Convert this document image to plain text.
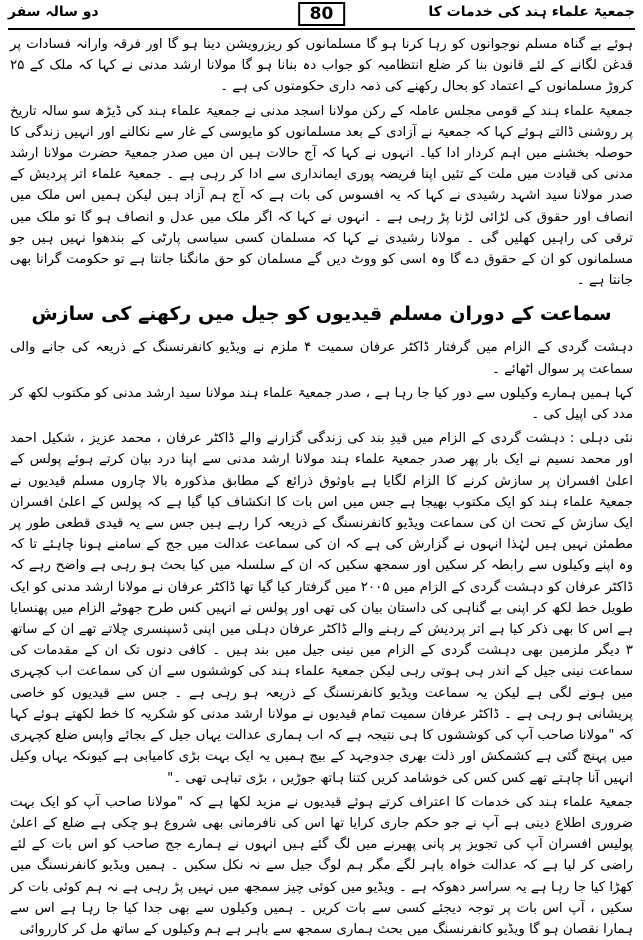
جمعیۃ علماء ہند کی خدمات کا
80
دو سالہ سفر

ہوئے بے گناہ مسلم نوجوانوں کو رہا کرنا ہو گا مسلمانوں کو ریزرویشن دینا ہو گا اور فرقہ وارانہ فسادات پر قدغن لگانے کے لئے قانون بنا کر ضلع انتظامیہ کو جواب دہ بنانا ہو گا مولانا ارشد مدنی نے کہا کہ ملک کے ۲۵ کروڑ مسلمانوں کے اعتماد کو بحال رکھنے کی ذمہ داری حکومتوں کی ہے ۔

جمعیۃ علماء ہند کے قومی مجلس عاملہ کے رکن مولانا اسجد مدنی نے جمعیۃ علماء ہند کی ڈیڑھ سو سالہ تاریخ پر روشنی ڈالتے ہوئے کہا کہ جمعیۃ نے آزادی کے بعد مسلمانوں کو مایوسی کے غار سے نکالنے اور انہیں زندگی کا حوصلہ بخشنے میں اہم کردار ادا کیا۔ انہوں نے کہا کہ آج حالات ہیں ان میں صدر جمعیۃ حضرت مولانا ارشد مدنی کی قیادت میں ملت کے تئیں اپنا فریضہ پوری ایمانداری سے ادا کر رہی ہے ۔ جمعیۃ علماء اتر پردیش کے صدر مولانا سید اشہد رشیدی نے کہا کہ یہ افسوس کی بات ہے کہ آج ہم آزاد ہیں لیکن ہمیں اس ملک میں انصاف اور حقوق کی لڑائی لڑنا پڑ رہی ہے ۔ انہوں نے کہا کہ اگر ملک میں عدل و انصاف ہو گا تو ملک میں ترقی کی راہیں کھلیں گی ۔ مولانا رشیدی نے کہا کہ مسلمان کسی سیاسی پارٹی کے بندھوا نہیں ہیں جو مسلمانوں کو ان کے حقوق دے گا وہ اسی کو ووٹ دیں گے مسلمان کو حق مانگنا جانتا ہے تو حکومت گرانا بھی جانتا ہے ۔

سماعت کے دوران مسلم قیدیوں کو جیل میں رکھنے کی سازش

دہشت گردی کے الزام میں گرفتار ڈاکٹر عرفان سمیت ۴ ملزم نے ویڈیو کانفرنسنگ کے ذریعہ کی جانے والی سماعت پر سوال اٹھائے ۔

کہا ہمیں ہمارے وکیلوں سے دور کیا جا رہا ہے ، صدر جمعیۃ علماء ہند مولانا سید ارشد مدنی کو مکتوب لکھ کر مدد کی اپیل کی ۔

نئی دہلی : دہشت گردی کے الزام میں قیدِ بند کی زندگی گزارنے والے ڈاکٹر عرفان ، محمد عزیز ، شکیل احمد اور محمد نسیم نے ایک بار پھر صدر جمعیۃ علماء ہند مولانا ارشد مدنی سے اپنا درد بیان کرتے ہوئے پولس کے اعلیٰ افسران پر سازش کرنے کا الزام لگایا ہے باوثوق ذرائع کے مطابق مذکورہ بالا چاروں مسلم قیدیوں نے جمعیۃ علماء ہند کو ایک مکتوب بھیجا ہے جس میں اس بات کا انکشاف کیا گیا ہے کہ پولس کے اعلیٰ افسران ایک سازش کے تحت ان کی سماعت ویڈیو کانفرنسنگ کے ذریعہ کرا رہے ہیں جس سے یہ قیدی قطعی طور پر مطمئن نہیں ہیں لہٰذا انہوں نے گزارش کی ہے کہ ان کی سماعت عدالت میں جج کے سامنے ہونا چاہئے تا کہ وہ اپنے وکیلوں سے رابطہ کر سکیں اور سمجھ سکیں کہ ان کے سلسلہ میں کیا بحث ہو رہی ہے واضح رہے کہ ڈاکٹر عرفان کو دہشت گردی کے الزام میں ۲۰۰۵ میں گرفتار کیا گیا تھا ڈاکٹر عرفان نے مولانا ارشد مدنی کو ایک طویل خط لکھ کر اپنی بے گناہی کی داستان بیان کی تھی اور پولس نے انہیں کس طرح جھوٹے الزام میں پھنسایا ہے اس کا بھی ذکر کیا ہے اتر پردیش کے رہنے والے ڈاکٹر عرفان دہلی میں اپنی ڈسپنسری چلاتے تھے ان کے ساتھ ۳ دیگر ملزمین بھی دہشت گردی کے الزام میں نینی جیل میں بند ہیں ۔ کافی دنوں تک ان کے مقدمات کی سماعت نینی جیل کے اندر ہی ہوتی رہی لیکن جمعیۃ علماء ہند کی کوششوں سے ان کی سماعت اب کچہری میں ہونے لگی ہے لیکن یہ سماعت ویڈیو کانفرنسنگ کے ذریعہ ہو رہی ہے ۔ جس سے قیدیوں کو خاصی پریشانی ہو رہی ہے ۔ ڈاکٹر عرفان سمیت تمام قیدیوں نے مولانا ارشد مدنی کو شکریہ کا خط لکھتے ہوئے کہا کہ "مولانا صاحب آپ کی کوششوں کا ہی نتیجہ ہے کہ اب ہماری عدالت یہاں جیل کے بجائے واپس ضلع کچہری میں پہنچ گئی ہے کشمکش اور ذلت بھری جدوجہد کے بیچ ہمیں یہ ایک بہت بڑی کامیابی ہے کیونکہ یہاں وکیل انہیں آنا چاہتے تھے کس کس کی خوشامد کریں کتنا ہاتھ جوڑیں ، بڑی تباہی تھی ۔"

جمعیۃ علماء ہند کی خدمات کا اعتراف کرتے ہوئے قیدیوں نے مزید لکھا ہے کہ "مولانا صاحب آپ کو ایک بہت ضروری اطلاع دینی ہے آپ نے جو حکم جاری کرایا تھا اس کی نافرمانی بھی شروع ہو چکی ہے ضلع کے اعلیٰ پولیس افسران آپ کی تجویز پر پانی پھیرنے میں لگ گئے ہیں انہوں نے ہمارے جج صاحب کو اس بات کے لئے راضی کر لیا ہے کہ عدالت خواہ باہر لگے مگر ہم لوگ جیل سے نہ نکل سکیں ۔ ہمیں ویڈیو کانفرنسنگ میں کھڑا کیا جا رہا ہے یہ سراسر دھوکہ ہے ۔ ویڈیو میں کوئی چیز سمجھ میں نہیں پڑ رہی ہے نہ ہم کوئی بات کر سکیں ، آپ اس بات پر توجہ دیجئے کسی سے بات کریں ۔ ہمیں وکیلوں سے بھی جدا کیا جا رہا ہے اس سے ہمارا نقصان ہو گا ویڈیو کانفرنسنگ میں بحث ہماری سمجھ سے باہر ہے ہم وکیلوں کے ساتھ مل کر کارروائی
